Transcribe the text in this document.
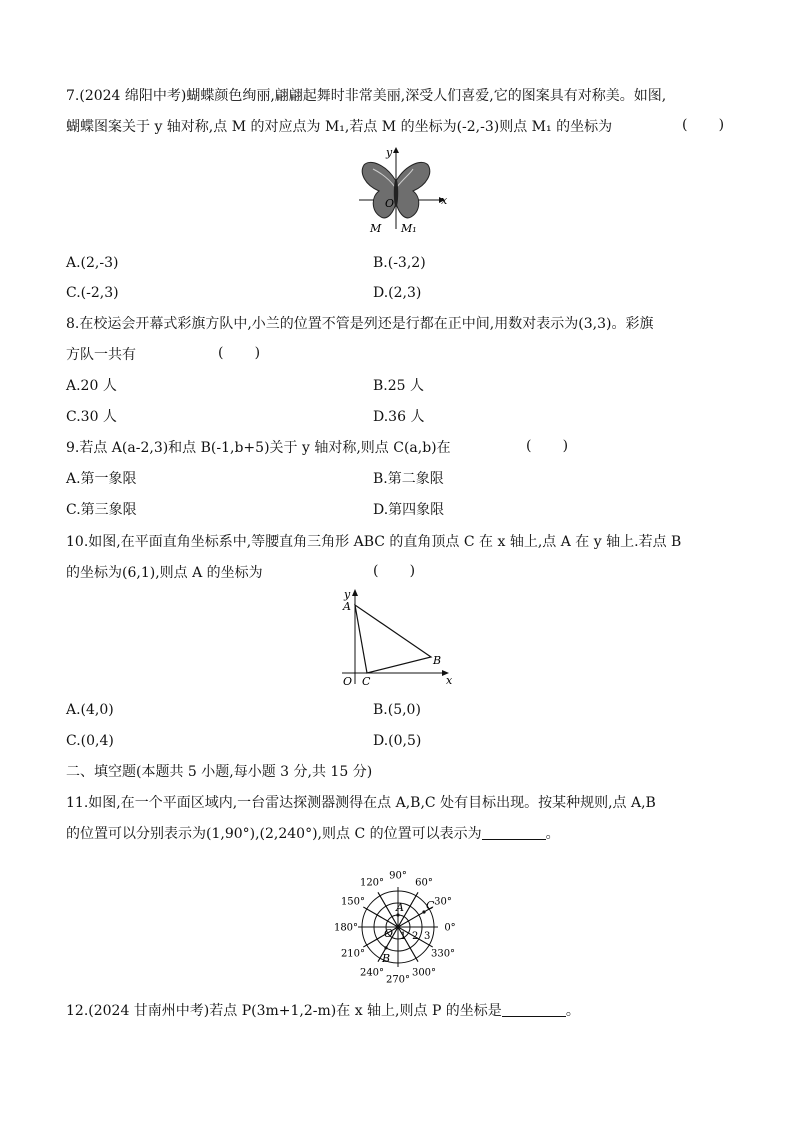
7.(2024 绵阳中考)蝴蝶颜色绚丽,翩翩起舞时非常美丽,深受人们喜爱,它的图案具有对称美。如图,
蝴蝶图案关于 y 轴对称,点 M 的对应点为 M₁,若点 M 的坐标为(-2,-3)则点 M₁ 的坐标为	(       )
y
x
O
M M₁
A.(2,-3)	B.(-3,2)
C.(-2,3)	D.(2,3)
8.在校运会开幕式彩旗方队中,小兰的位置不管是列还是行都在正中间,用数对表示为(3,3)。彩旗
方队一共有	(       )
A.20 人	B.25 人
C.30 人	D.36 人
9.若点 A(a-2,3)和点 B(-1,b+5)关于 y 轴对称,则点 C(a,b)在	(       )
A.第一象限	B.第二象限
C.第三象限	D.第四象限
10.如图,在平面直角坐标系中,等腰直角三角形 ABC 的直角顶点 C 在 x 轴上,点 A 在 y 轴上.若点 B
的坐标为(6,1),则点 A 的坐标为	(       )
y
A
B
O C	x
A.(4,0)	B.(5,0)
C.(0,4)	D.(0,5)
二、填空题(本题共 5 小题,每小题 3 分,共 15 分)
11.如图,在一个平面区域内,一台雷达探测器测得在点 A,B,C 处有目标出现。按某种规则,点 A,B
的位置可以分别表示为(1,90°),(2,240°),则点 C 的位置可以表示为	。
0°
30°
60°
90°
120°
150°
180°
210°
240°
270°
300°
330°
1 2 3
O
A
B
C
12.(2024 甘南州中考)若点 P(3m+1,2-m)在 x 轴上,则点 P 的坐标是	。
